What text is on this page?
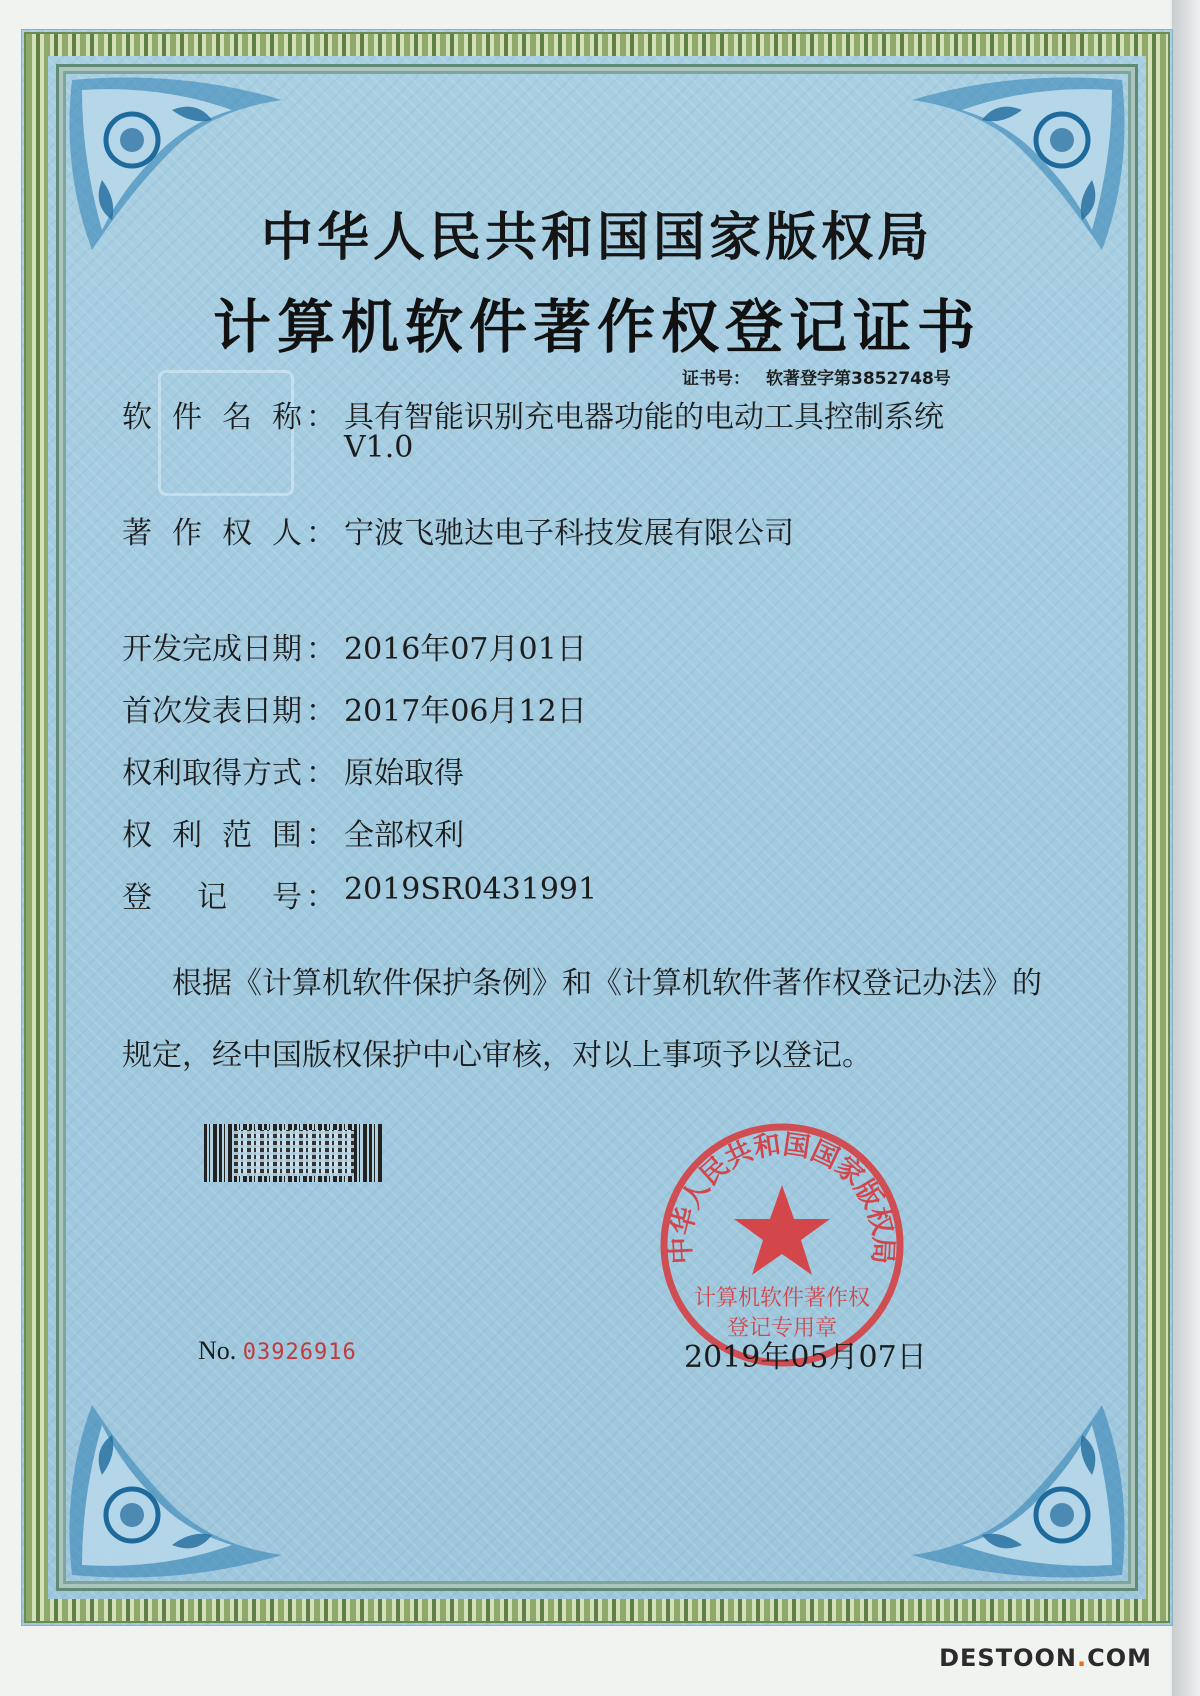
中华人民共和国国家版权局
计算机软件著作权登记证书
证书号： 软著登字第3852748号
软件名称 ： 具有智能识别充电器功能的电动工具控制系统
V1.0
著作权人 ： 宁波飞驰达电子科技发展有限公司
开发完成日期 ： 2016年07月01日
首次发表日期 ： 2017年06月12日
权利取得方式 ： 原始取得
权利范围 ： 全部权利
登记号 ： 2019SR0431991
根据《计算机软件保护条例》和《计算机软件著作权登记办法》的
规定，经中国版权保护中心审核，对以上事项予以登记。
中华人民共和国国家版权局
计算机软件著作权
登记专用章
No. 03926916	2019年05月07日
DESTOON.COM
